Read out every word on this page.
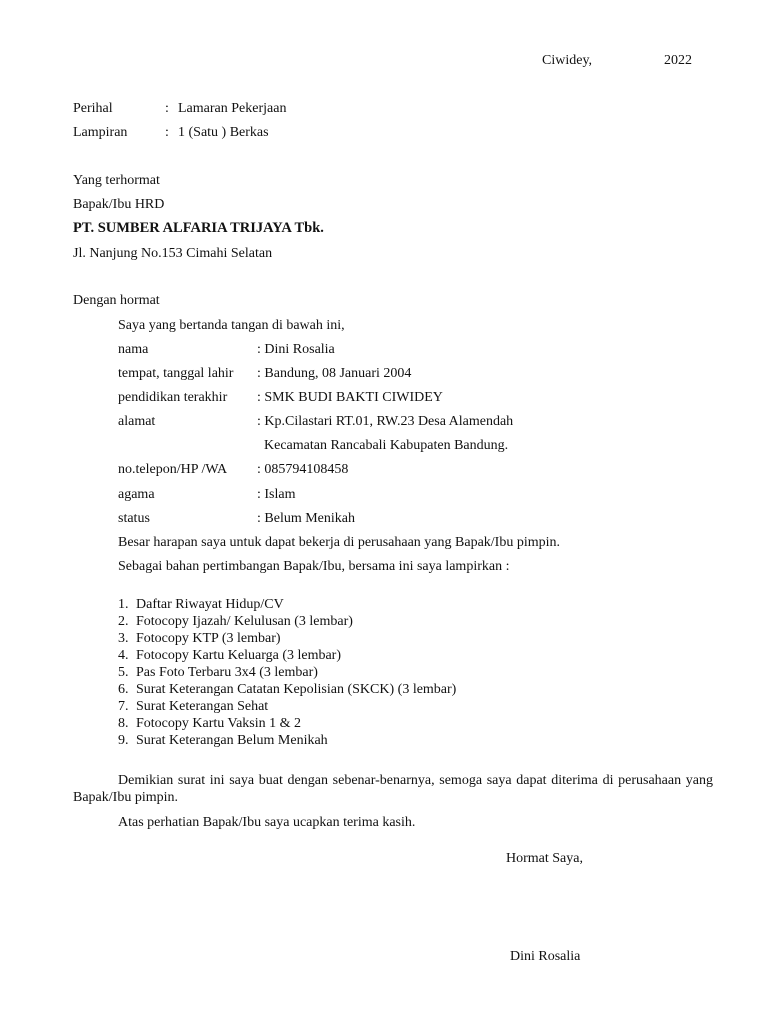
Ciwidey,	2022
Perihal	: Lamaran Pekerjaan
Lampiran	: 1 (Satu ) Berkas
Yang terhormat
Bapak/Ibu HRD
PT. SUMBER ALFARIA TRIJAYA Tbk.
Jl. Nanjung No.153 Cimahi Selatan
Dengan hormat
Saya yang bertanda tangan di bawah ini,
nama	: Dini Rosalia
tempat, tanggal lahir : Bandung, 08 Januari 2004
pendidikan terakhir : SMK BUDI BAKTI CIWIDEY
alamat	: Kp.Cilastari RT.01, RW.23 Desa Alamendah
Kecamatan Rancabali Kabupaten Bandung.
no.telepon/HP /WA : 085794108458
agama	: Islam
status	: Belum Menikah
Besar harapan saya untuk dapat bekerja di perusahaan yang Bapak/Ibu pimpin.
Sebagai bahan pertimbangan Bapak/Ibu, bersama ini saya lampirkan :
1. Daftar Riwayat Hidup/CV
2. Fotocopy Ijazah/ Kelulusan (3 lembar)
3. Fotocopy KTP (3 lembar)
4. Fotocopy Kartu Keluarga (3 lembar)
5. Pas Foto Terbaru 3x4 (3 lembar)
6. Surat Keterangan Catatan Kepolisian (SKCK) (3 lembar)
7. Surat Keterangan Sehat
8. Fotocopy Kartu Vaksin 1 & 2
9. Surat Keterangan Belum Menikah
Demikian surat ini saya buat dengan sebenar-benarnya, semoga saya dapat diterima di perusahaan yang Bapak/Ibu pimpin.
Atas perhatian Bapak/Ibu saya ucapkan terima kasih.
Hormat Saya,
Dini Rosalia
